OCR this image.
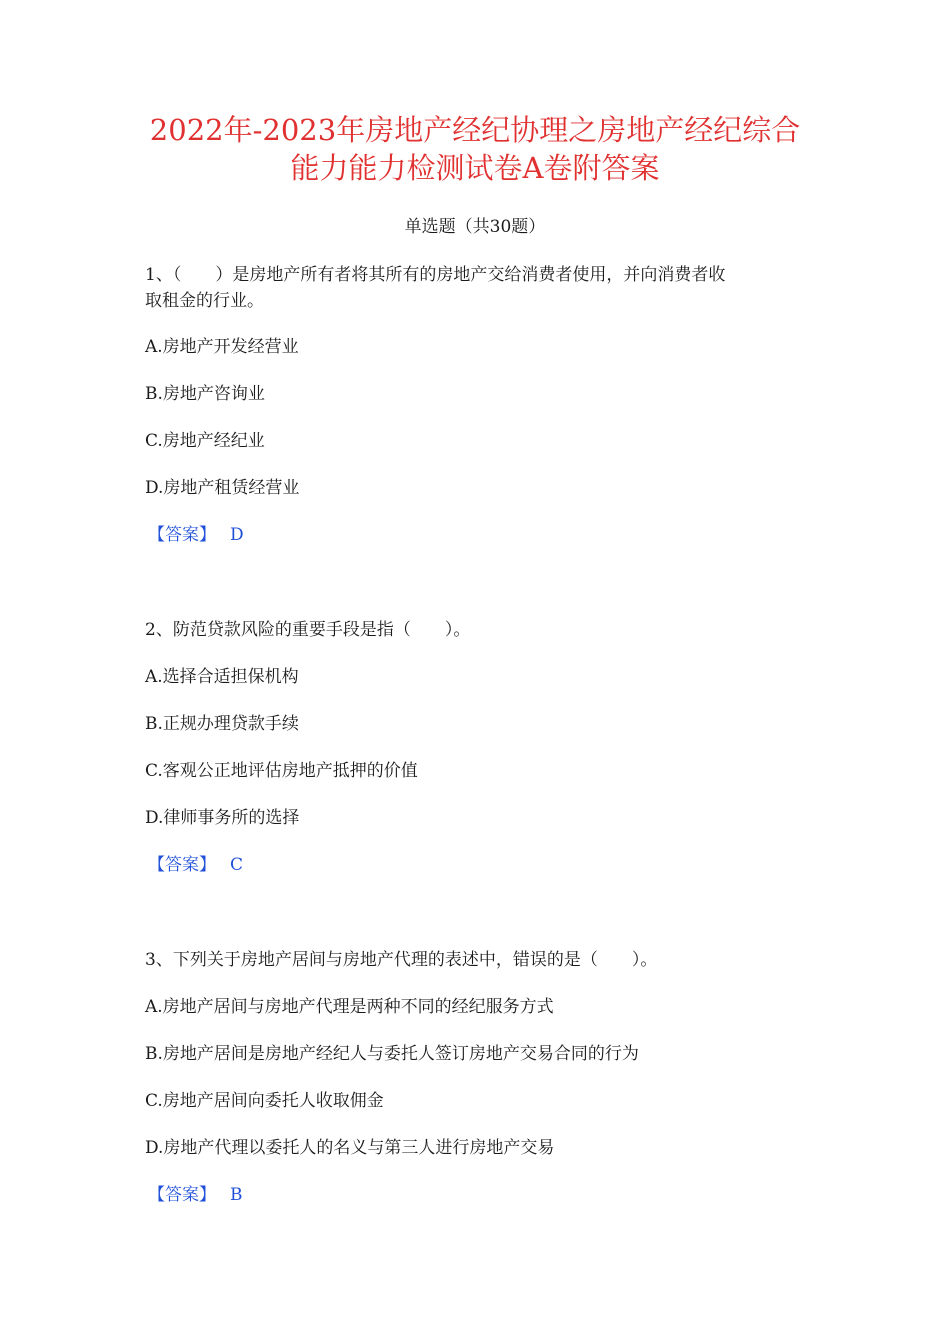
2022年-2023年房地产经纪协理之房地产经纪综合
能力能力检测试卷A卷附答案
单选题（共30题）
1、（　　）是房地产所有者将其所有的房地产交给消费者使用，并向消费者收
取租金的行业。
A.房地产开发经营业
B.房地产咨询业
C.房地产经纪业
D.房地产租赁经营业
【答案】 D
2、防范贷款风险的重要手段是指（　　）。
A.选择合适担保机构
B.正规办理贷款手续
C.客观公正地评估房地产抵押的价值
D.律师事务所的选择
【答案】 C
3、下列关于房地产居间与房地产代理的表述中，错误的是（　　）。
A.房地产居间与房地产代理是两种不同的经纪服务方式
B.房地产居间是房地产经纪人与委托人签订房地产交易合同的行为
C.房地产居间向委托人收取佣金
D.房地产代理以委托人的名义与第三人进行房地产交易
【答案】 B
